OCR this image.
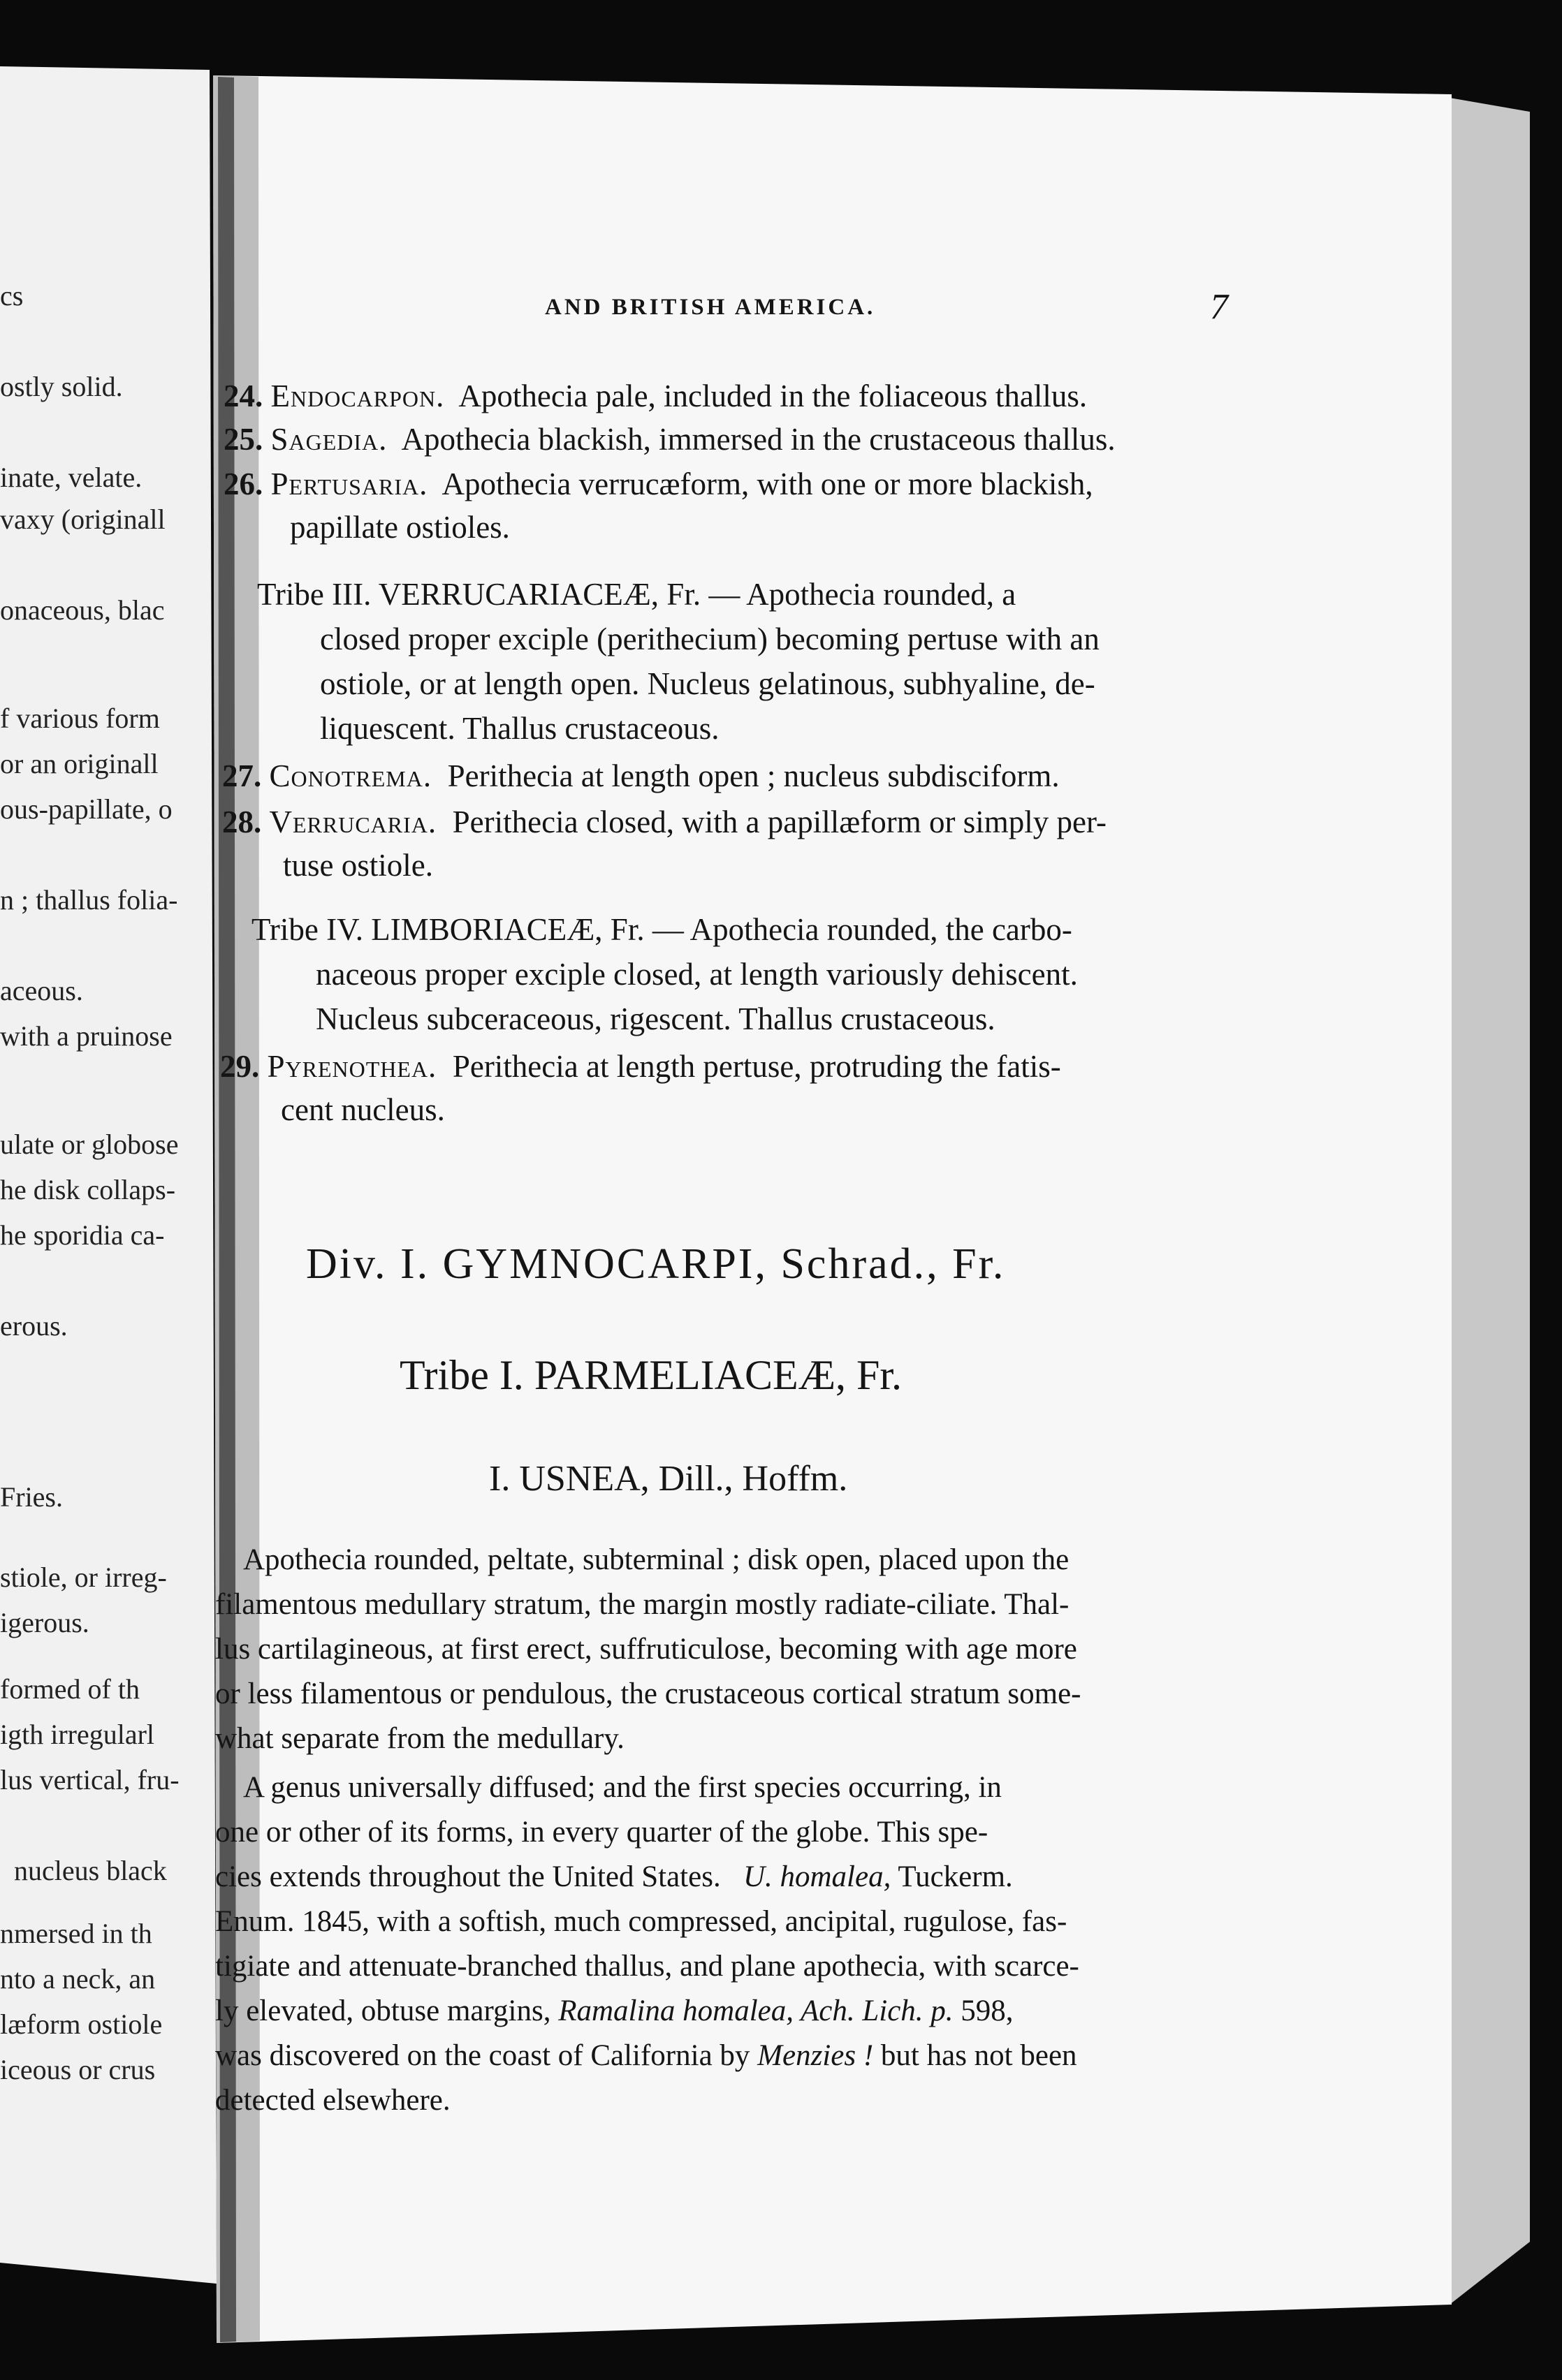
cs
ostly solid.
inate, velate.
vaxy (originall
onaceous, blac
f various form
or an originall
ous-papillate, o
n ; thallus folia-
aceous.
with a pruinose
ulate or globose
he disk collaps-
he sporidia ca-
erous.
Fries.
stiole, or irreg-
igerous.
formed of th
igth irregularl
lus vertical, fru-
nucleus black
nmersed in th
nto a neck, an
læform ostiole
iceous or crus
AND BRITISH AMERICA.	7
24. Endocarpon. Apothecia pale, included in the foliaceous thallus.
25. Sagedia. Apothecia blackish, immersed in the crustaceous thallus.
26. Pertusaria. Apothecia verrucæform, with one or more blackish,
papillate ostioles.
Tribe III. VERRUCARIACEÆ, Fr. — Apothecia rounded, a
closed proper exciple (perithecium) becoming pertuse with an
ostiole, or at length open. Nucleus gelatinous, subhyaline, de-
liquescent. Thallus crustaceous.
27. Conotrema. Perithecia at length open ; nucleus subdisciform.
28. Verrucaria. Perithecia closed, with a papillæform or simply per-
tuse ostiole.
Tribe IV. LIMBORIACEÆ, Fr. — Apothecia rounded, the carbo-
naceous proper exciple closed, at length variously dehiscent.
Nucleus subceraceous, rigescent. Thallus crustaceous.
29. Pyrenothea. Perithecia at length pertuse, protruding the fatis-
cent nucleus.
Div. I. GYMNOCARPI, Schrad., Fr.
Tribe I. PARMELIACEÆ, Fr.
I. USNEA, Dill., Hoffm.
Apothecia rounded, peltate, subterminal ; disk open, placed upon the
filamentous medullary stratum, the margin mostly radiate-ciliate. Thal-
lus cartilagineous, at first erect, suffruticulose, becoming with age more
or less filamentous or pendulous, the crustaceous cortical stratum some-
what separate from the medullary.
A genus universally diffused; and the first species occurring, in
one or other of its forms, in every quarter of the globe. This spe-
cies extends throughout the United States. U. homalea, Tuckerm.
Enum. 1845, with a softish, much compressed, ancipital, rugulose, fas-
tigiate and attenuate-branched thallus, and plane apothecia, with scarce-
ly elevated, obtuse margins, Ramalina homalea, Ach. Lich. p. 598,
was discovered on the coast of California by Menzies ! but has not been
detected elsewhere.
